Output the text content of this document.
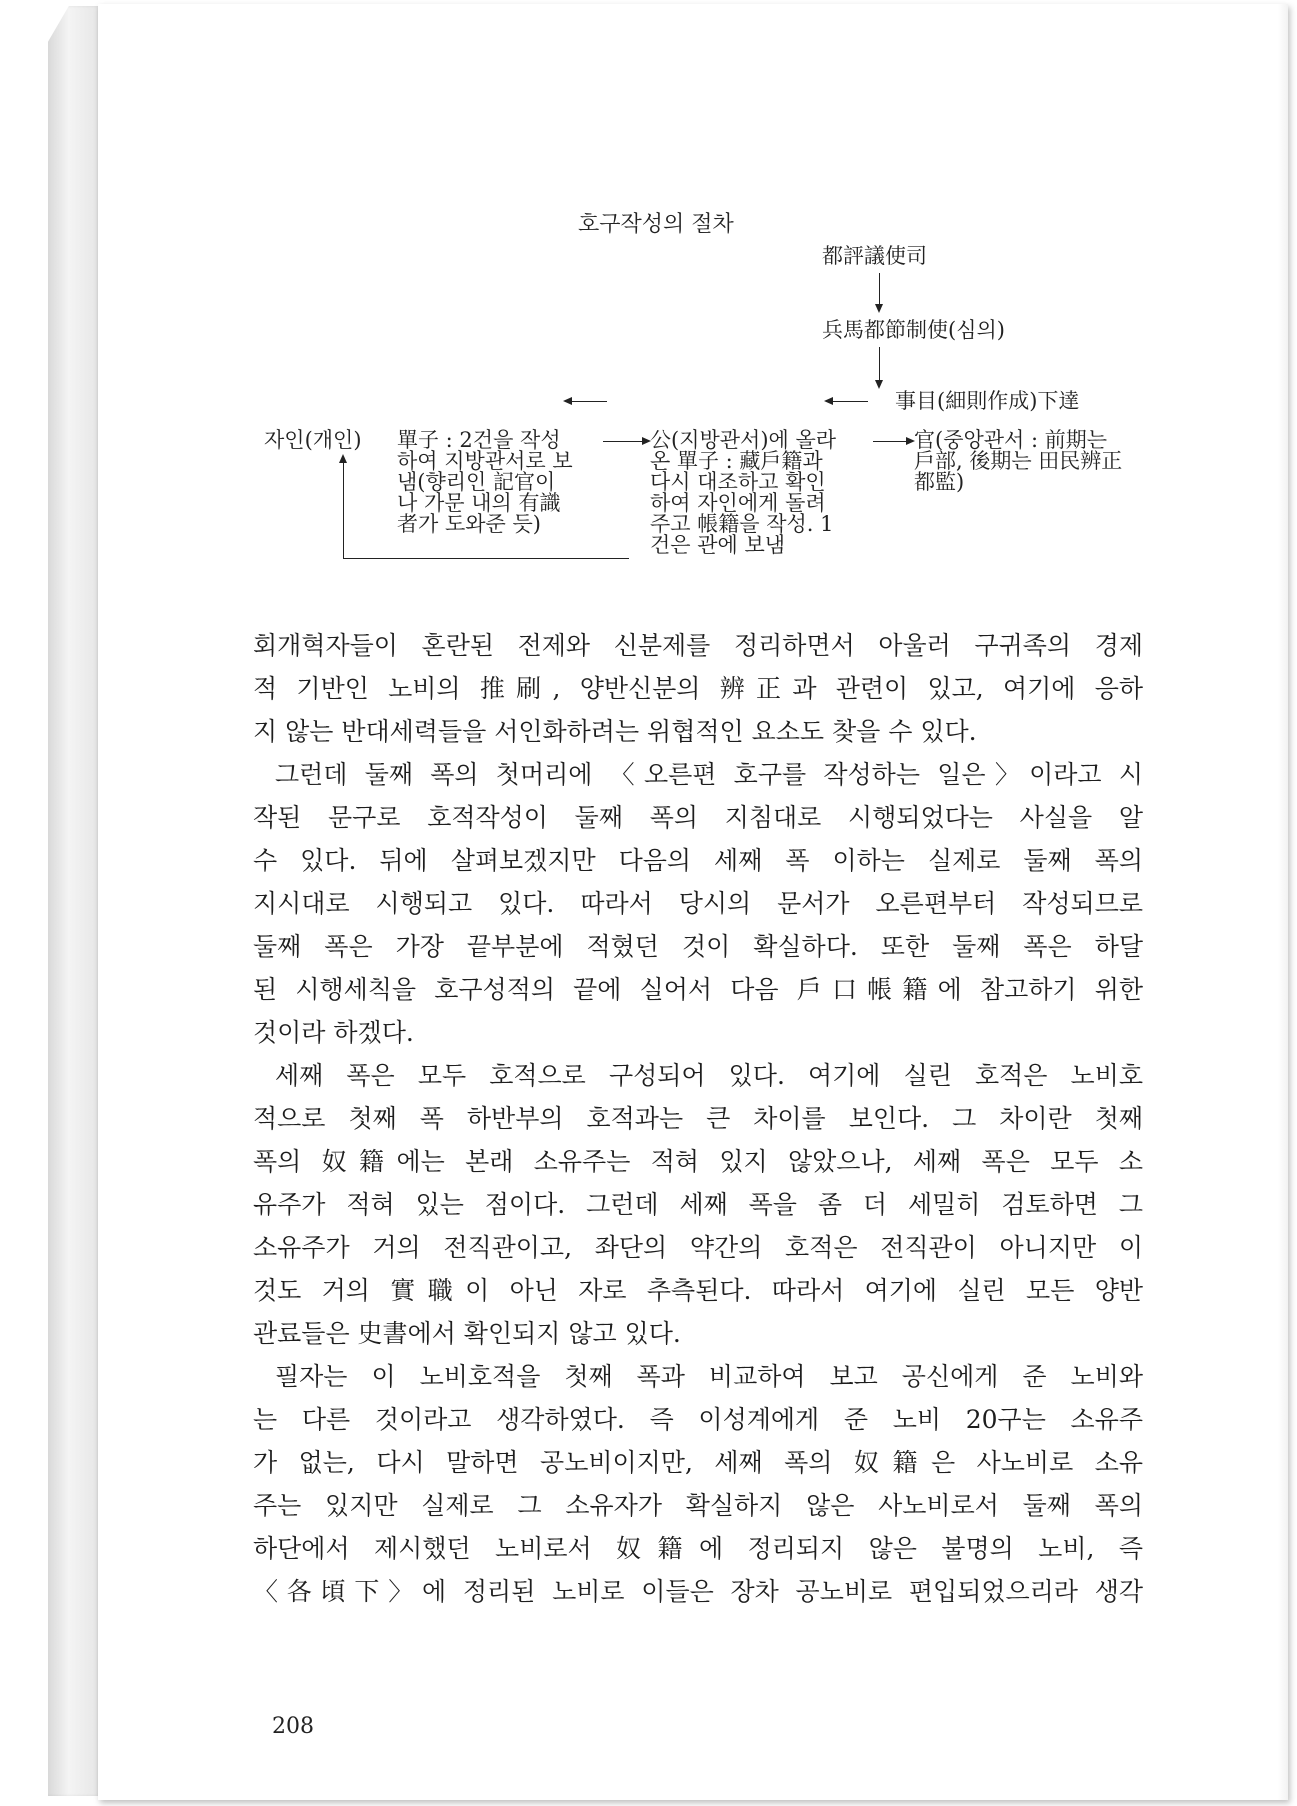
호구작성의 절차
都評議使司
兵馬都節制使(심의)
事目(細則作成)下達
자인(개인) 單子 : 2건을 작성
하여 지방관서로 보
냄(향리인 記官이
나 가문 내의 有識
者가 도와준 듯)
公(지방관서)에 올라
온 單子 : 藏戶籍과
다시 대조하고 확인
하여 자인에게 돌려
주고 帳籍을 작성. 1
건은 관에 보냄
官(중앙관서 : 前期는
戶部, 後期는 田民辨正
都監)
회개혁자들이 혼란된 전제와 신분제를 정리하면서 아울러 구귀족의 경제
적 기반인 노비의 推刷, 양반신분의 辨正과 관련이 있고, 여기에 응하
지 않는 반대세력들을 서인화하려는 위협적인 요소도 찾을 수 있다.
그런데 둘째 폭의 첫머리에 〈오른편 호구를 작성하는 일은〉이라고 시
작된 문구로 호적작성이 둘째 폭의 지침대로 시행되었다는 사실을 알
수 있다. 뒤에 살펴보겠지만 다음의 세째 폭 이하는 실제로 둘째 폭의
지시대로 시행되고 있다. 따라서 당시의 문서가 오른편부터 작성되므로
둘째 폭은 가장 끝부분에 적혔던 것이 확실하다. 또한 둘째 폭은 하달
된 시행세칙을 호구성적의 끝에 실어서 다음 戶口帳籍에 참고하기 위한
것이라 하겠다.
세째 폭은 모두 호적으로 구성되어 있다. 여기에 실린 호적은 노비호
적으로 첫째 폭 하반부의 호적과는 큰 차이를 보인다. 그 차이란 첫째
폭의 奴籍에는 본래 소유주는 적혀 있지 않았으나, 세째 폭은 모두 소
유주가 적혀 있는 점이다. 그런데 세째 폭을 좀 더 세밀히 검토하면 그
소유주가 거의 전직관이고, 좌단의 약간의 호적은 전직관이 아니지만 이
것도 거의 實職이 아닌 자로 추측된다. 따라서 여기에 실린 모든 양반
관료들은 史書에서 확인되지 않고 있다.
필자는 이 노비호적을 첫째 폭과 비교하여 보고 공신에게 준 노비와
는 다른 것이라고 생각하였다. 즉 이성계에게 준 노비 20구는 소유주
가 없는, 다시 말하면 공노비이지만, 세째 폭의 奴籍은 사노비로 소유
주는 있지만 실제로 그 소유자가 확실하지 않은 사노비로서 둘째 폭의
하단에서 제시했던 노비로서 奴籍에 정리되지 않은 불명의 노비, 즉
〈各頃下〉에 정리된 노비로 이들은 장차 공노비로 편입되었으리라 생각
208
